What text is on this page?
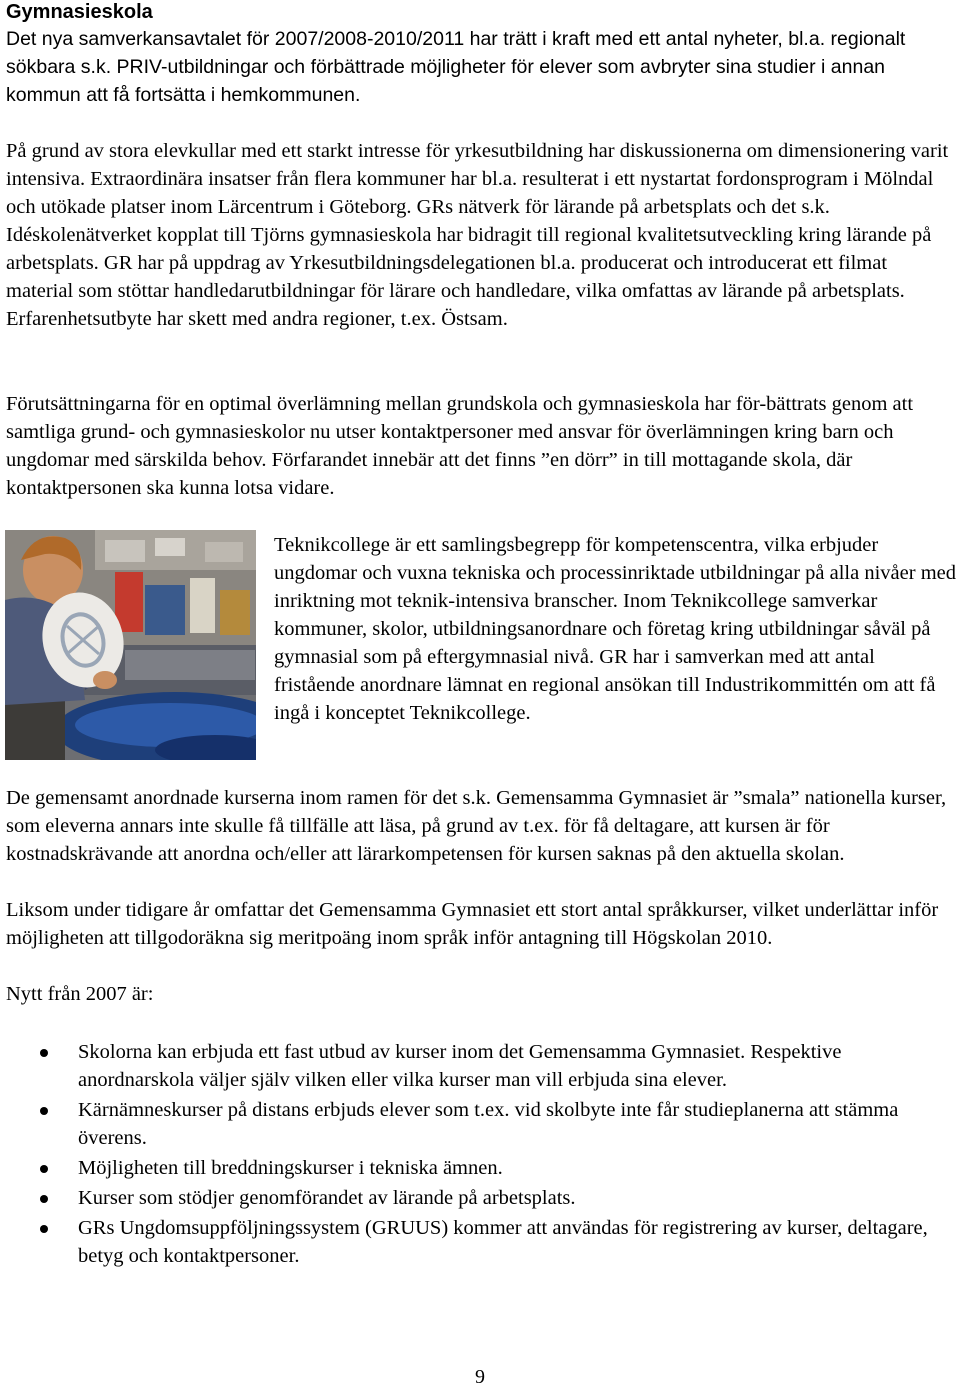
Gymnasieskola

Det nya samverkansavtalet för 2007/2008-2010/2011 har trätt i kraft med ett antal nyheter, bl.a. regionalt sökbara s.k. PRIV-utbildningar och förbättrade möjligheter för elever som avbryter sina studier i annan kommun att få fortsätta i hemkommunen.

På grund av stora elevkullar med ett starkt intresse för yrkesutbildning har diskussionerna om dimensionering varit intensiva. Extraordinära insatser från flera kommuner har bl.a. resulterat i ett nystartat fordonsprogram i Mölndal och utökade platser inom Lärcentrum i Göteborg. GRs nätverk för lärande på arbetsplats och det s.k. Idéskolenätverket kopplat till Tjörns gymnasieskola har bidragit till regional kvalitetsutveckling kring lärande på arbetsplats. GR har på uppdrag av Yrkesutbildningsdelegationen bl.a. producerat och introducerat ett filmat material som stöttar handledarutbildningar för lärare och handledare, vilka omfattas av lärande på arbetsplats. Erfarenhetsutbyte har skett med andra regioner, t.ex. Östsam.

Förutsättningarna för en optimal överlämning mellan grundskola och gymnasieskola har för-bättrats genom att samtliga grund- och gymnasieskolor nu utser kontaktpersoner med ansvar för överlämningen kring barn och ungdomar med särskilda behov. Förfarandet innebär att det finns ”en dörr” in till mottagande skola, där kontaktpersonen ska kunna lotsa vidare.

Teknikcollege är ett samlingsbegrepp för kompetenscentra, vilka erbjuder ungdomar och vuxna tekniska och processinriktade utbildningar på alla nivåer med inriktning mot teknik-intensiva branscher. Inom Teknikcollege samverkar kommuner, skolor, utbildningsanordnare och företag kring utbildningar såväl på gymnasial som på eftergymnasial nivå. GR har i samverkan med att antal fristående anordnare lämnat en regional ansökan till Industrikommittén om att få ingå i konceptet Teknikcollege.

De gemensamt anordnade kurserna inom ramen för det s.k. Gemensamma Gymnasiet är ”smala” nationella kurser, som eleverna annars inte skulle få tillfälle att läsa, på grund av t.ex. för få deltagare, att kursen är för kostnadskrävande att anordna och/eller att lärarkompetensen för kursen saknas på den aktuella skolan.

Liksom under tidigare år omfattar det Gemensamma Gymnasiet ett stort antal språkkurser, vilket underlättar inför möjligheten att tillgodoräkna sig meritpoäng inom språk inför antagning till Högskolan 2010.

Nytt från 2007 är:

Skolorna kan erbjuda ett fast utbud av kurser inom det Gemensamma Gymnasiet. Respektive anordnarskola väljer själv vilken eller vilka kurser man vill erbjuda sina elever.
Kärnämneskurser på distans erbjuds elever som t.ex. vid skolbyte inte får studieplanerna att stämma överens.
Möjligheten till breddningskurser i tekniska ämnen.
Kurser som stödjer genomförandet av lärande på arbetsplats.
GRs Ungdomsuppföljningssystem (GRUUS) kommer att användas för registrering av kurser, deltagare, betyg och kontaktpersoner.
9
